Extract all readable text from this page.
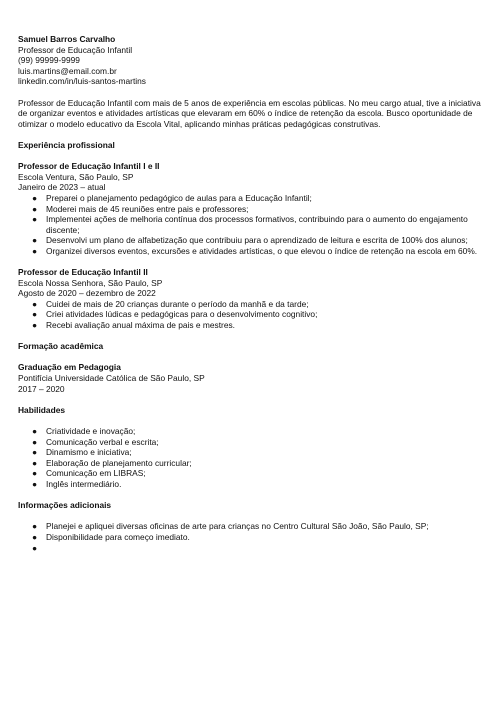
Samuel Barros Carvalho
Professor de Educação Infantil
(99) 99999-9999
luis.martins@email.com.br
linkedin.com/in/luis-santos-martins
Professor de Educação Infantil com mais de 5 anos de experiência em escolas públicas. No meu cargo atual, tive a iniciativa de organizar eventos e atividades artísticas que elevaram em 60% o índice de retenção da escola. Busco oportunidade de otimizar o modelo educativo da Escola Vital, aplicando minhas práticas pedagógicas construtivas.
Experiência profissional
Professor de Educação Infantil I e II
Escola Ventura, São Paulo, SP
Janeiro de 2023 – atual
● Preparei o planejamento pedagógico de aulas para a Educação Infantil;
● Moderei mais de 45 reuniões entre pais e professores;
● Implementei ações de melhoria contínua dos processos formativos, contribuindo para o aumento do engajamento discente;
● Desenvolvi um plano de alfabetização que contribuiu para o aprendizado de leitura e escrita de 100% dos alunos;
● Organizei diversos eventos, excursões e atividades artísticas, o que elevou o índice de retenção na escola em 60%.
Professor de Educação Infantil II
Escola Nossa Senhora, São Paulo, SP
Agosto de 2020 – dezembro de 2022
● Cuidei de mais de 20 crianças durante o período da manhã e da tarde;
● Criei atividades lúdicas e pedagógicas para o desenvolvimento cognitivo;
● Recebi avaliação anual máxima de pais e mestres.
Formação acadêmica
Graduação em Pedagogia
Pontifícia Universidade Católica de São Paulo, SP
2017 – 2020
Habilidades
● Criatividade e inovação;
● Comunicação verbal e escrita;
● Dinamismo e iniciativa;
● Elaboração de planejamento curricular;
● Comunicação em LIBRAS;
● Inglês intermediário.
Informações adicionais
● Planejei e apliquei diversas oficinas de arte para crianças no Centro Cultural São João, São Paulo, SP;
● Disponibilidade para começo imediato.
●
